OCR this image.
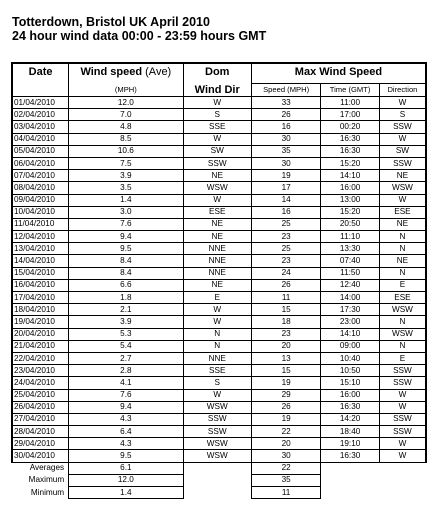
Totterdown, Bristol UK April 2010
24 hour wind data 00:00 - 23:59 hours GMT
Date	Wind speed (Ave)	Dom	Max Wind Speed		
	(MPH)	Wind Dir	Speed (MPH)	Time (GMT)	Direction
01/04/2010	12.0	W	33	11:00	W
02/04/2010	7.0	S	26	17:00	S
03/04/2010	4.8	SSE	16	00:20	SSW
04/04/2010	8.5	W	30	16:30	W
05/04/2010	10.6	SW	35	16:30	SW
06/04/2010	7.5	SSW	30	15:20	SSW
07/04/2010	3.9	NE	19	14:10	NE
08/04/2010	3.5	WSW	17	16:00	WSW
09/04/2010	1.4	W	14	13:00	W
10/04/2010	3.0	ESE	16	15:20	ESE
11/04/2010	7.6	NE	25	20:50	NE
12/04/2010	9.4	NE	23	11:10	N
13/04/2010	9.5	NNE	25	13:30	N
14/04/2010	8.4	NNE	23	07:40	NE
15/04/2010	8.4	NNE	24	11:50	N
16/04/2010	6.6	NE	26	12:40	E
17/04/2010	1.8	E	11	14:00	ESE
18/04/2010	2.1	W	15	17:30	WSW
19/04/2010	3.9	W	18	23:00	N
20/04/2010	5.3	N	23	14:10	WSW
21/04/2010	5.4	N	20	09:00	N
22/04/2010	2.7	NNE	13	10:40	E
23/04/2010	2.8	SSE	15	10:50	SSW
24/04/2010	4.1	S	19	15:10	SSW
25/04/2010	7.6	W	29	16:00	W
26/04/2010	9.4	WSW	26	16:30	W
27/04/2010	4.3	SSW	19	14:20	SSW
28/04/2010	6.4	SSW	22	18:40	SSW
29/04/2010	4.3	WSW	20	19:10	W
30/04/2010	9.5	WSW	30	16:30	W
Averages	6.1		22		
Maximum	12.0		35		
Minimum	1.4		11		
